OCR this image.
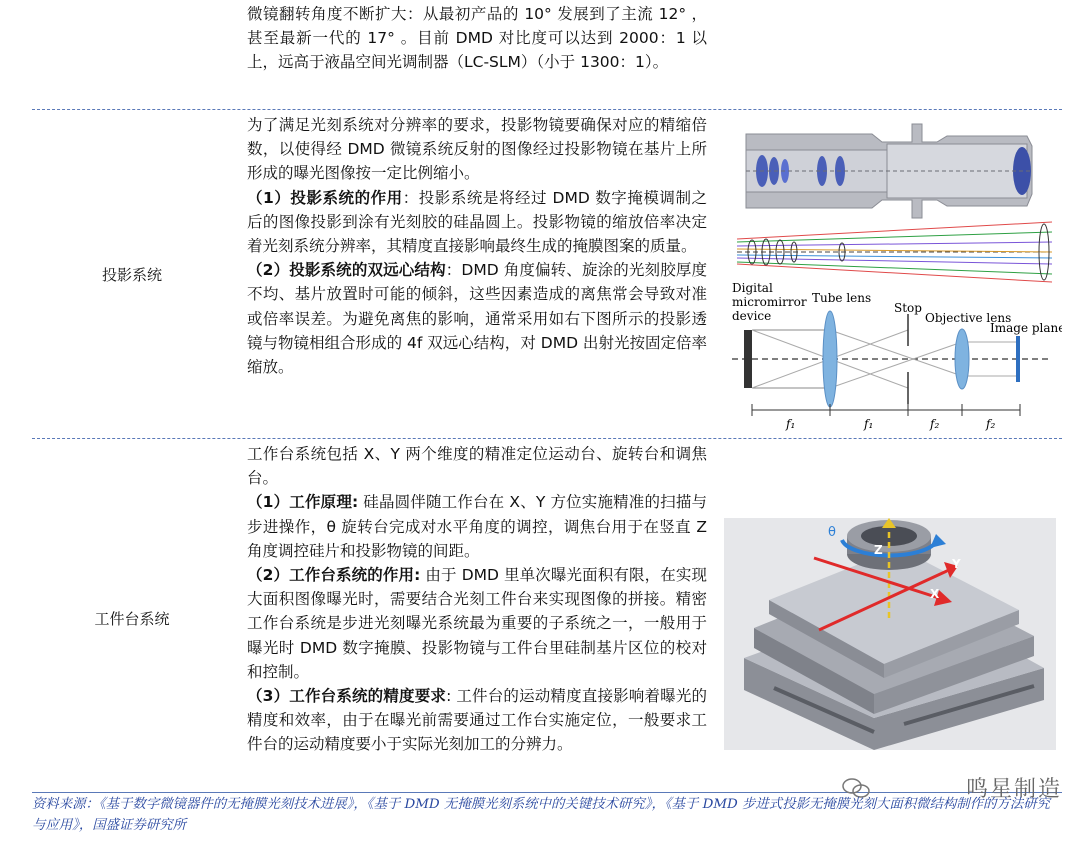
微镜翻转角度不断扩大：从最初产品的 10° 发展到了主流 12° ，甚至最新一代的 17° 。目前 DMD 对比度可以达到 2000：1 以上，远高于液晶空间光调制器（LC-SLM）（小于 1300：1）。

投影系统

为了满足光刻系统对分辨率的要求，投影物镜要确保对应的精缩倍数，以使得经 DMD 微镜系统反射的图像经过投影物镜在基片上所形成的曝光图像按一定比例缩小。

（1）投影系统的作用：投影系统是将经过 DMD 数字掩模调制之后的图像投影到涂有光刻胶的硅晶圆上。投影物镜的缩放倍率决定着光刻系统分辨率，其精度直接影响最终生成的掩膜图案的质量。

（2）投影系统的双远心结构：DMD 角度偏转、旋涂的光刻胶厚度不均、基片放置时可能的倾斜，这些因素造成的离焦常会导致对准或倍率误差。为避免离焦的影响，通常采用如右下图所示的投影透镜与物镜相组合形成的 4f 双远心结构，对 DMD 出射光按固定倍率缩放。

Digital
micromirror
device
Tube lens
Stop
Objective lens
Image plane
f₁	f₁	f₂	f₂
工件台系统

工作台系统包括 X、Y 两个维度的精准定位运动台、旋转台和调焦台。

（1）工作原理: 硅晶圆伴随工作台在 X、Y 方位实施精准的扫描与步进操作，θ 旋转台完成对水平角度的调控，调焦台用于在竖直 Z 角度调控硅片和投影物镜的间距。

（2）工作台系统的作用: 由于 DMD 里单次曝光面积有限，在实现大面积图像曝光时，需要结合光刻工件台来实现图像的拼接。精密工作台系统是步进光刻曝光系统最为重要的子系统之一，一般用于曝光时 DMD 数字掩膜、投影物镜与工件台里硅制基片区位的校对和控制。

（3）工作台系统的精度要求: 工件台的运动精度直接影响着曝光的精度和效率，由于在曝光前需要通过工作台实施定位，一般要求工件台的运动精度要小于实际光刻加工的分辨力。

θ
Z
Y
X
鸣星制造
资料来源：《基于数字微镜器件的无掩膜光刻技术进展》，《基于 DMD 无掩膜光刻系统中的关键技术研究》，《基于 DMD 步进式投影无掩膜光刻大面积微结构制作的方法研究与应用》，国盛证券研究所
